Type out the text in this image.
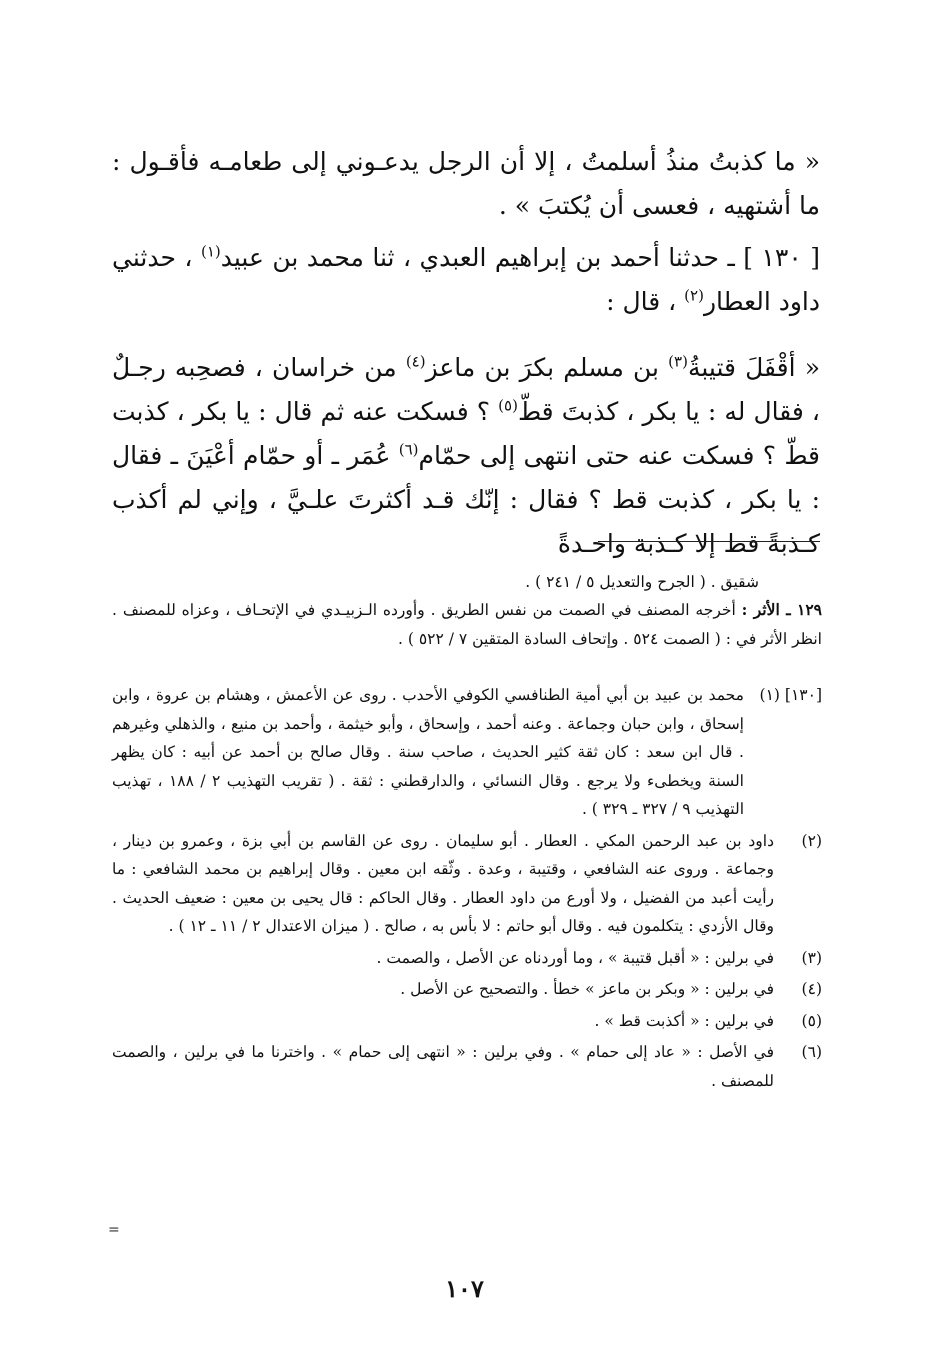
« ما كذبتُ منذُ أسلمتُ ، إلا أن الرجل يدعـوني إلى طعامـه فأقـول : ما أشتهيه ، فعسى أن يُكتبَ » .

[ ١٣٠ ] ـ حدثنا أحمد بن إبراهيم العبدي ، ثنا محمد بن عبيد$^{(١)}$ ، حدثني داود العطار$^{(٢)}$ ، قال :

« أقْفَلَ قتيبةُ$^{(٣)}$ بن مسلم بكرَ بن ماعز$^{(٤)}$ من خراسان ، فصحِبه رجـلٌ ، فقال له : يا بكر ، كذبتَ قطّ$^{(٥)}$ ؟ فسكت عنه ثم قال : يا بكر ، كذبت قطّ ؟ فسكت عنه حتى انتهى إلى حمّام$^{(٦)}$ عُمَر ـ أو حمّام أعْيَنَ ـ فقال : يا بكر ، كذبت قط ؟ فقال : إنّك قـد أكثرتَ علـيَّ ، وإني لم أكذب كـذبةً قط إلا كـذبة واحـدةً

شقيق . ( الجرح والتعديل ٥ / ٢٤١ ) .
١٢٩ ـ الأثر : أخرجه المصنف في الصمت من نفس الطريق . وأورده الـزبيـدي في الإتحـاف ، وعزاه للمصنف . انظر الأثر في : ( الصمت ٥٢٤ . وإتحاف السادة المتقين ٧ / ٥٢٢ ) .
[١٣٠] (١)
محمد بن عبيد بن أبي أمية الطنافسي الكوفي الأحدب . روى عن الأعمش ، وهشام بن عروة ، وابن إسحاق ، وابن حبان وجماعة . وعنه أحمد ، وإسحاق ، وأبو خيثمة ، وأحمد بن منيع ، والذهلي وغيرهم . قال ابن سعد : كان ثقة كثير الحديث ، صاحب سنة . وقال صالح بن أحمد عن أبيه : كان يظهر السنة ويخطىء ولا يرجع . وقال النسائي ، والدارقطني : ثقة . ( تقريب التهذيب ٢ / ١٨٨ ، تهذيب التهذيب ٩ / ٣٢٧ ـ ٣٢٩ ) .
(٢)
داود بن عبد الرحمن المكي . العطار . أبو سليمان . روى عن القاسم بن أبي بزة ، وعمرو بن دينار ، وجماعة . وروى عنه الشافعي ، وقتيبة ، وعدة . وثّقه ابن معين . وقال إبراهيم بن محمد الشافعي : ما رأيت أعبد من الفضيل ، ولا أورع من داود العطار . وقال الحاكم : قال يحيى بن معين : ضعيف الحديث . وقال الأزدي : يتكلمون فيه . وقال أبو حاتم : لا بأس به ، صالح . ( ميزان الاعتدال ٢ / ١١ ـ ١٢ ) .
(٣)
في برلين : « أقبل قتيبة » ، وما أوردناه عن الأصل ، والصمت .
(٤)
في برلين : « وبكر بن ماعز » خطأ . والتصحيح عن الأصل .
(٥)
في برلين : « أكذبت قط » .
(٦)
في الأصل : « عاد إلى حمام » . وفي برلين : « انتهى إلى حمام » . واخترنا ما في برلين ، والصمت للمصنف .
=
١٠٧
